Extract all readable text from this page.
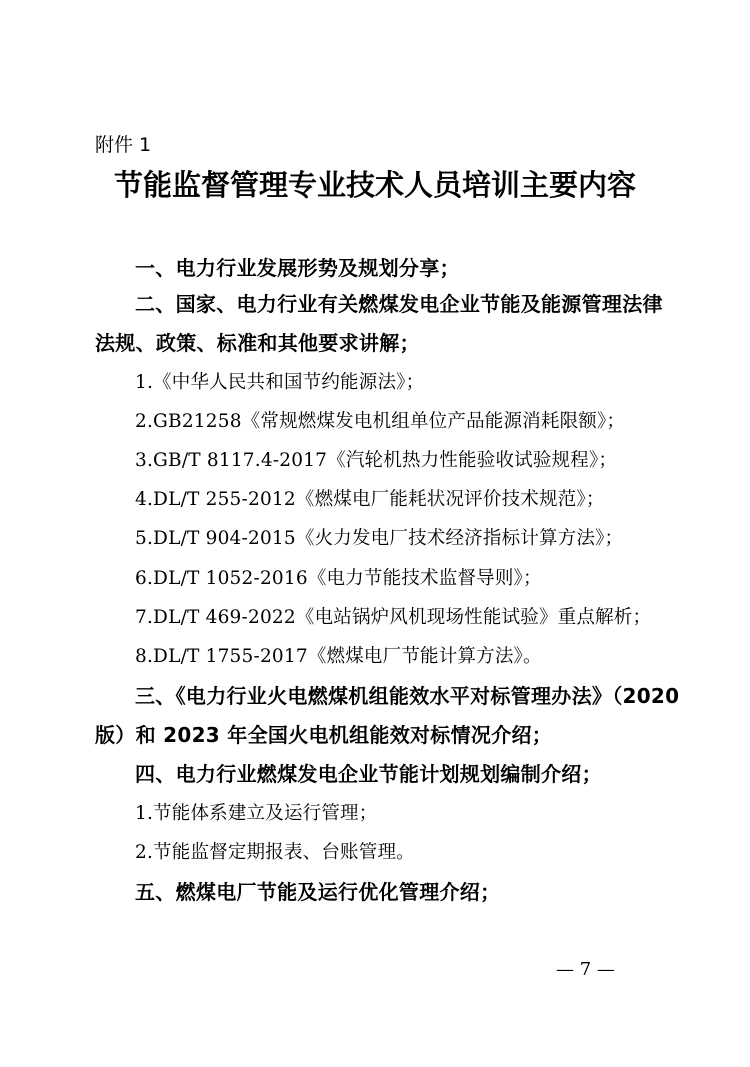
附件 1
节能监督管理专业技术人员培训主要内容
一、电力行业发展形势及规划分享；
二、国家、电力行业有关燃煤发电企业节能及能源管理法律
法规、政策、标准和其他要求讲解；
1.《中华人民共和国节约能源法》；
2.GB21258《常规燃煤发电机组单位产品能源消耗限额》；
3.GB/T 8117.4-2017《汽轮机热力性能验收试验规程》；
4.DL/T 255-2012《燃煤电厂能耗状况评价技术规范》；
5.DL/T 904-2015《火力发电厂技术经济指标计算方法》；
6.DL/T 1052-2016《电力节能技术监督导则》；
7.DL/T 469-2022《电站锅炉风机现场性能试验》重点解析；
8.DL/T 1755-2017《燃煤电厂节能计算方法》。
三、《电力行业火电燃煤机组能效水平对标管理办法》（2020
版）和 2023 年全国火电机组能效对标情况介绍；
四、电力行业燃煤发电企业节能计划规划编制介绍；
1.节能体系建立及运行管理；
2.节能监督定期报表、台账管理。
五、燃煤电厂节能及运行优化管理介绍；
— 7 —
